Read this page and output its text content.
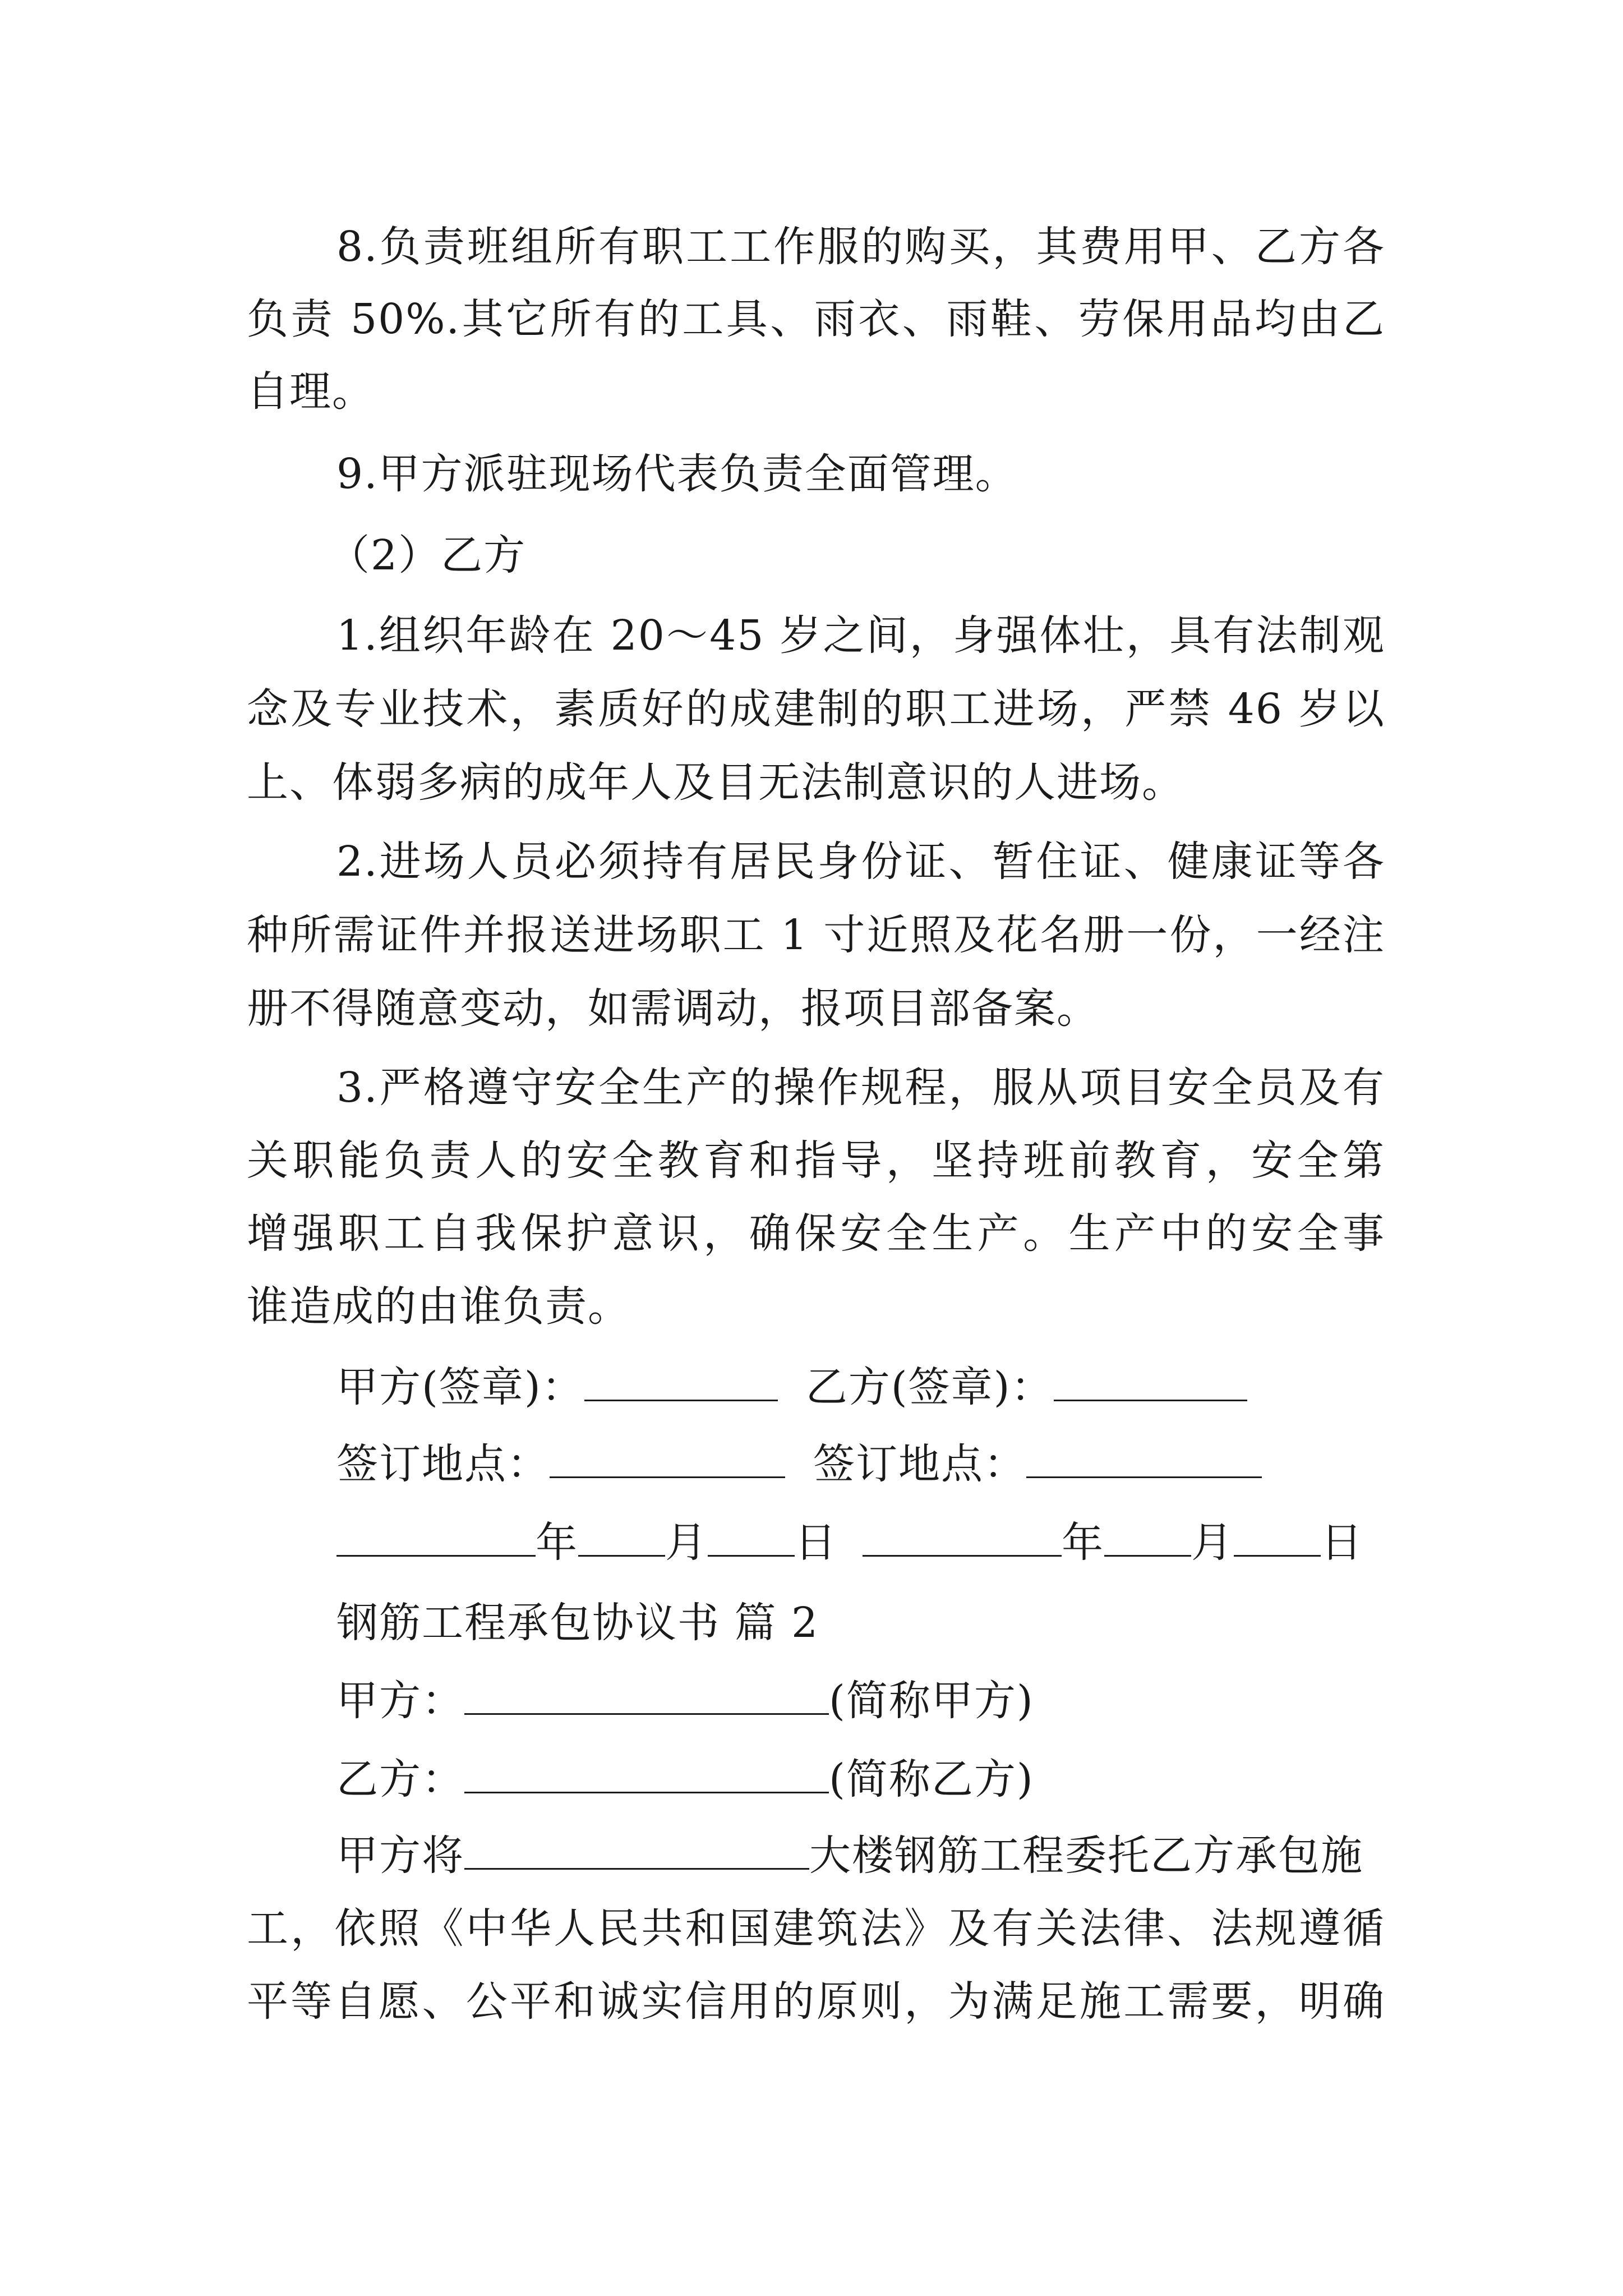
8.负责班组所有职工工作服的购买，其费用甲、乙方各
负责 50%.其它所有的工具、雨衣、雨鞋、劳保用品均由乙
自理。
9.甲方派驻现场代表负责全面管理。
（2）乙方
1.组织年龄在 20～45 岁之间，身强体壮，具有法制观
念及专业技术，素质好的成建制的职工进场，严禁 46 岁以
上、体弱多病的成年人及目无法制意识的人进场。
2.进场人员必须持有居民身份证、暂住证、健康证等各
种所需证件并报送进场职工 1 寸近照及花名册一份，一经注
册不得随意变动，如需调动，报项目部备案。
3.严格遵守安全生产的操作规程，服从项目安全员及有
关职能负责人的安全教育和指导，坚持班前教育，安全第
增强职工自我保护意识，确保安全生产。生产中的安全事
谁造成的由谁负责。
甲方(签章)：	乙方(签章)：
签订地点：	签订地点：
年 月 日	年 月 日
钢筋工程承包协议书 篇 2
甲方：	(简称甲方)
乙方：	(简称乙方)
甲方将	大楼钢筋工程委托乙方承包施
工，依照《中华人民共和国建筑法》及有关法律、法规遵循
平等自愿、公平和诚实信用的原则，为满足施工需要，明确
